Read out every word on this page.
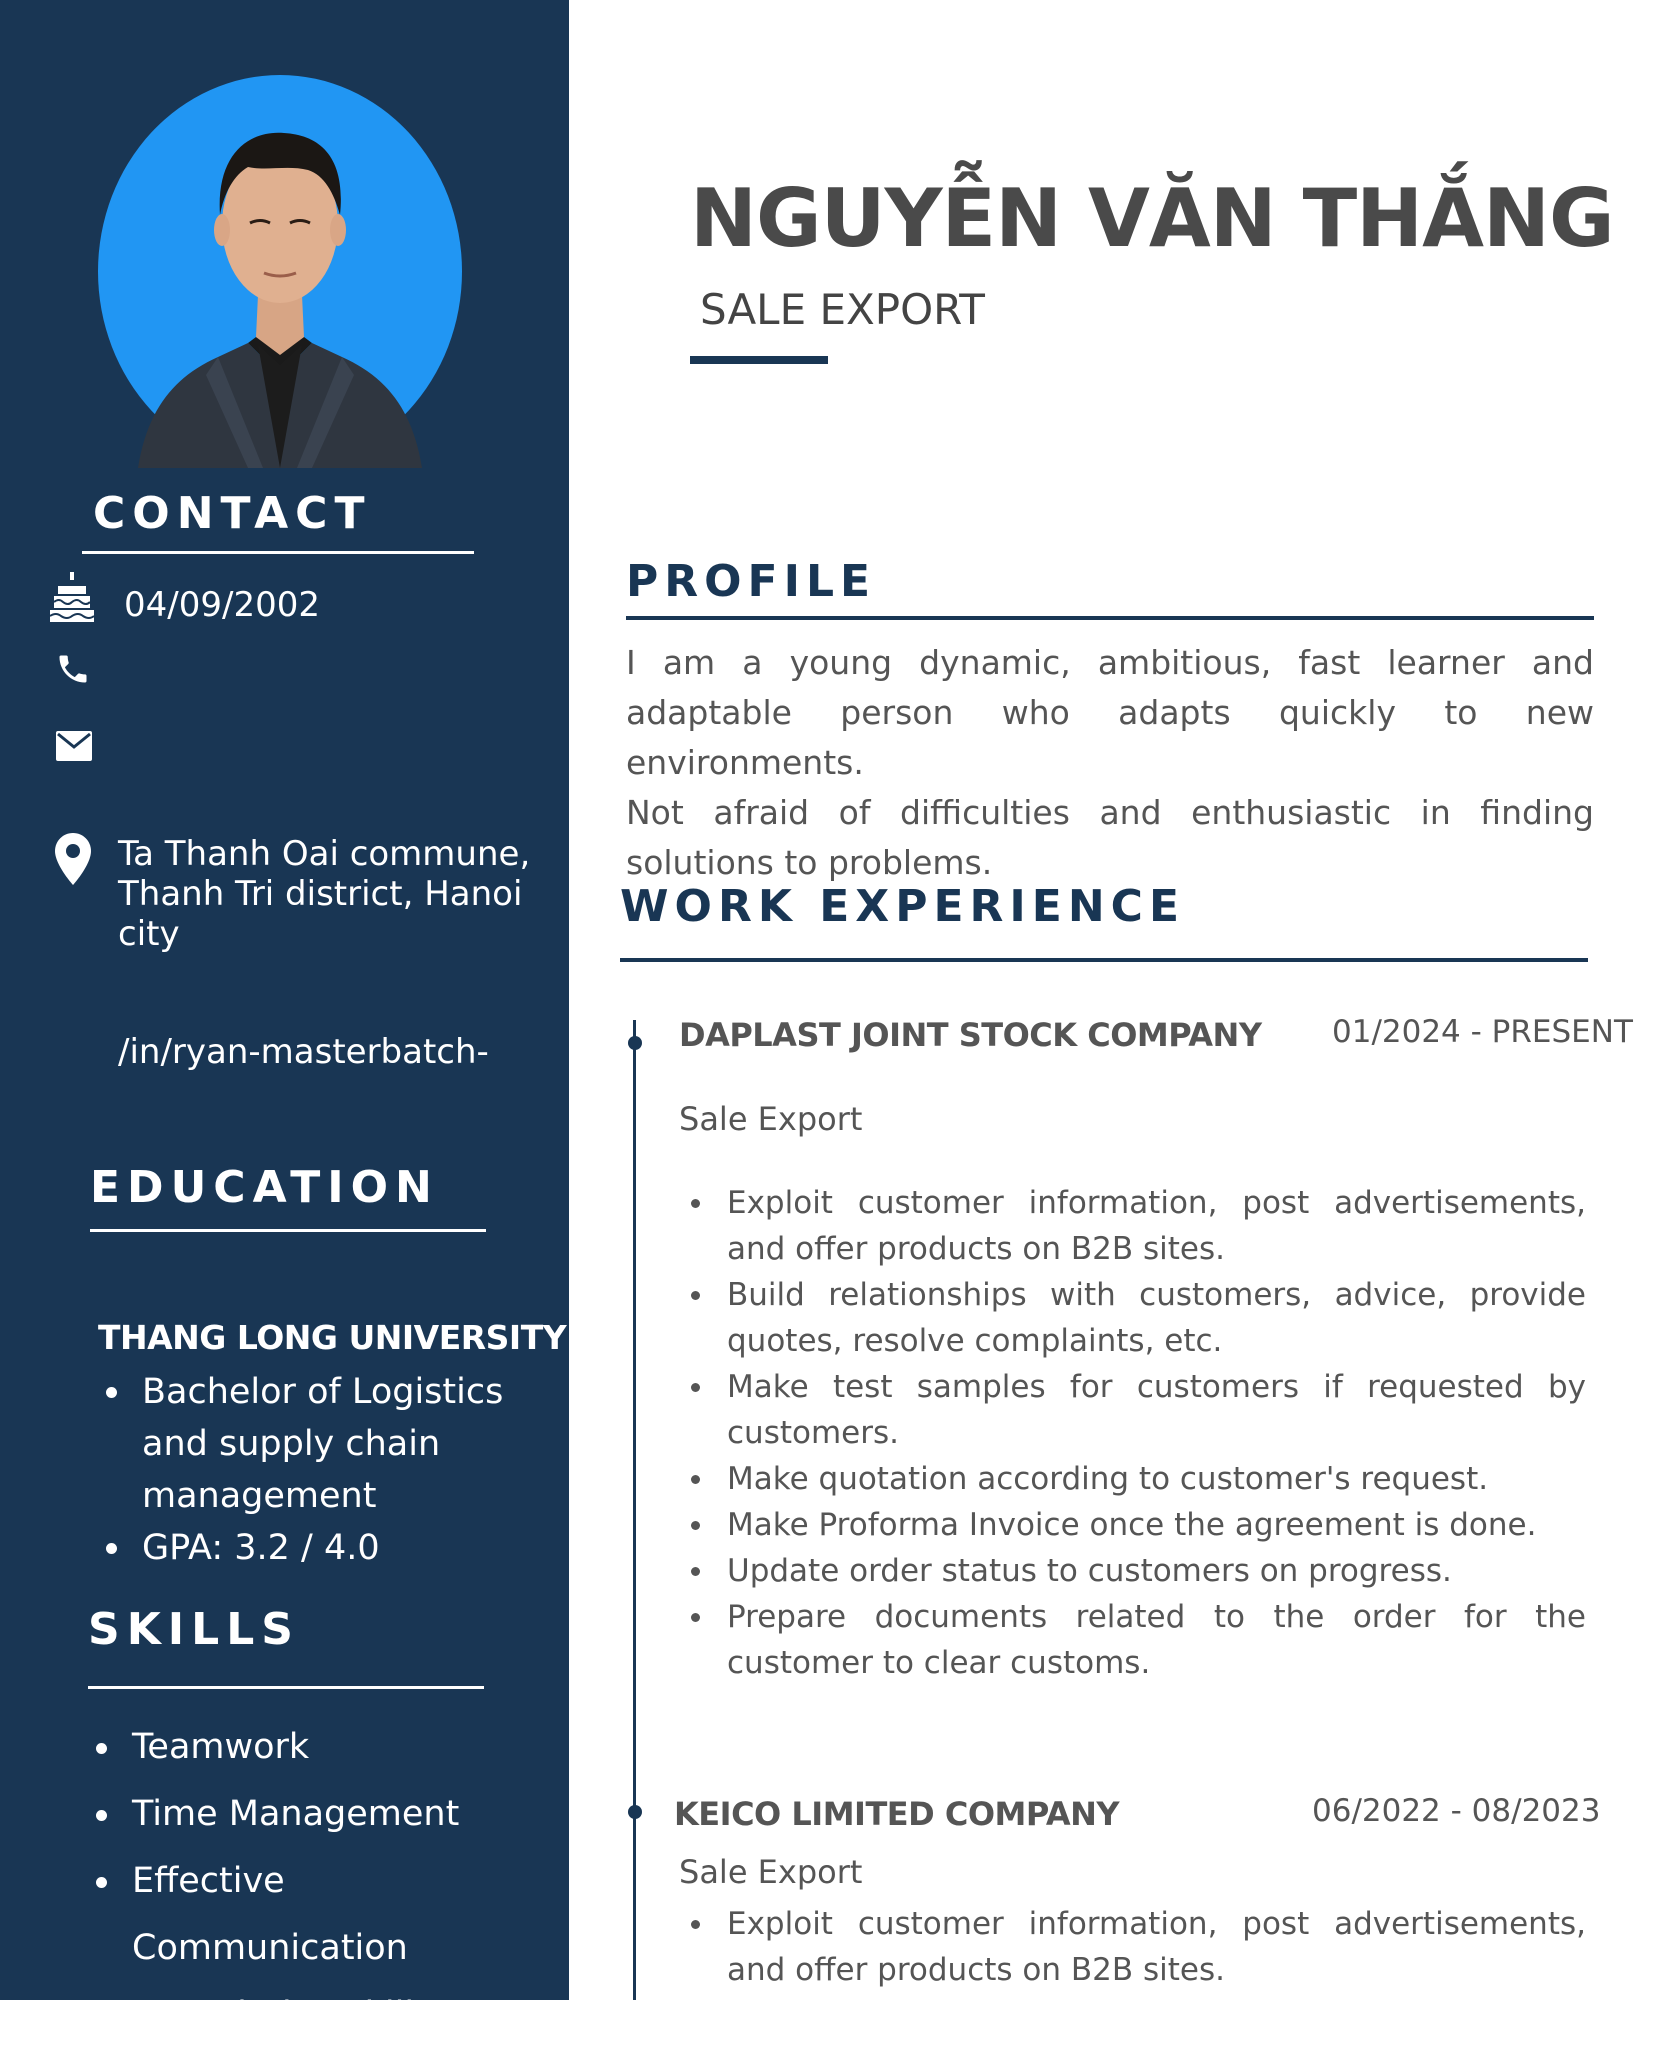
CONTACT
04/09/2002
Ta Thanh Oai commune,
Thanh Tri district, Hanoi
city
/in/ryan-masterbatch-
EDUCATION
THANG LONG UNIVERSITY
Bachelor of Logistics and supply chain management
GPA: 3.2 / 4.0
SKILLS
Teamwork
Time Management
Effective Communication
Negotiation skills
NGUYỄN VĂN THẮNG
SALE EXPORT
PROFILE
I am a young dynamic, ambitious, fast learner and adaptable person who adapts quickly to new environments.
Not afraid of difficulties and enthusiastic in finding solutions to problems.
WORK EXPERIENCE
DAPLAST JOINT STOCK COMPANY 01/2024 - PRESENT
Sale Export
Exploit customer information, post advertisements, and offer products on B2B sites.
Build relationships with customers, advice, provide quotes, resolve complaints, etc.
Make test samples for customers if requested by customers.
Make quotation according to customer's request.
Make Proforma Invoice once the agreement is done.
Update order status to customers on progress.
Prepare documents related to the order for the customer to clear customs.
KEICO LIMITED COMPANY	06/2022 - 08/2023
Sale Export
Exploit customer information, post advertisements, and offer products on B2B sites.
